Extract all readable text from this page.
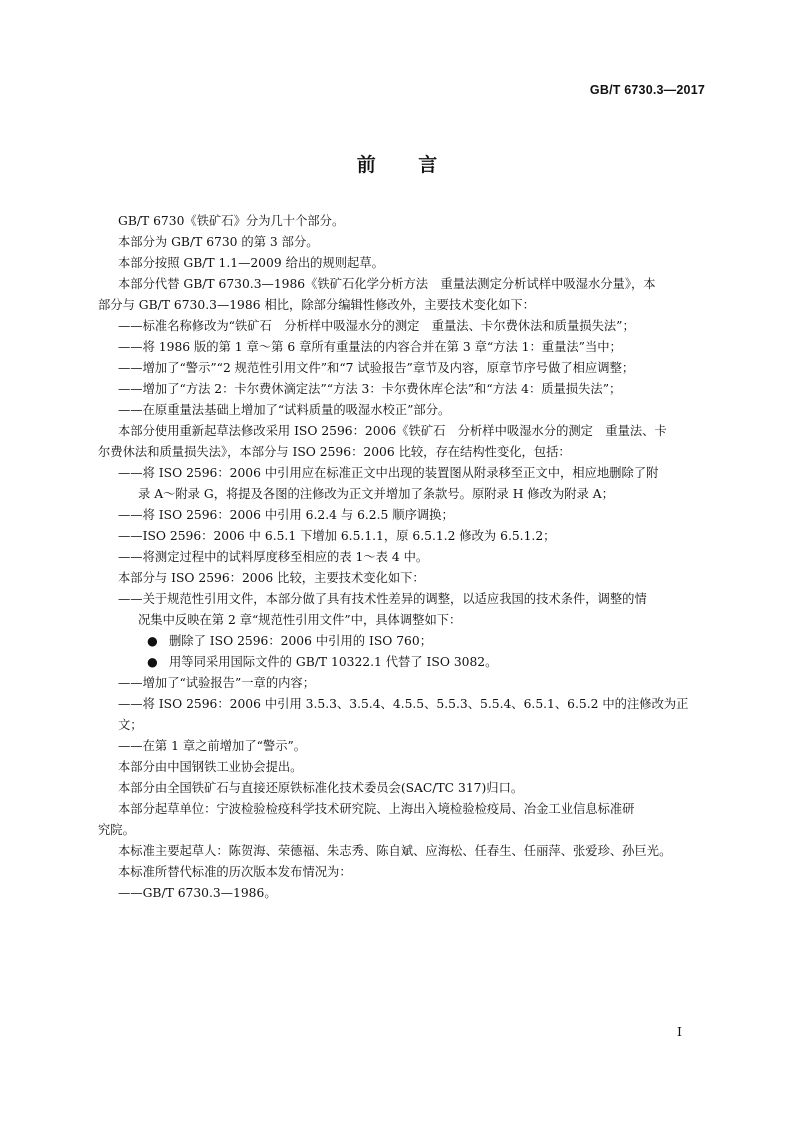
GB/T 6730.3—2017
前 言
GB/T 6730《铁矿石》分为几十个部分。
本部分为 GB/T 6730 的第 3 部分。
本部分按照 GB/T 1.1—2009 给出的规则起草。
本部分代替 GB/T 6730.3—1986《铁矿石化学分析方法　重量法测定分析试样中吸湿水分量》，本
部分与 GB/T 6730.3—1986 相比，除部分编辑性修改外，主要技术变化如下：
——标准名称修改为“铁矿石　分析样中吸湿水分的测定　重量法、卡尔费休法和质量损失法”；
——将 1986 版的第 1 章～第 6 章所有重量法的内容合并在第 3 章“方法 1：重量法”当中；
——增加了“警示”“2 规范性引用文件”和“7 试验报告”章节及内容，原章节序号做了相应调整；
——增加了“方法 2：卡尔费休滴定法”“方法 3：卡尔费休库仑法”和“方法 4：质量损失法”；
——在原重量法基础上增加了“试料质量的吸湿水校正”部分。
本部分使用重新起草法修改采用 ISO 2596：2006《铁矿石　分析样中吸湿水分的测定　重量法、卡
尔费休法和质量损失法》，本部分与 ISO 2596：2006 比较，存在结构性变化，包括：
——将 ISO 2596：2006 中引用应在标准正文中出现的装置图从附录移至正文中，相应地删除了附
录 A～附录 G，将提及各图的注修改为正文并增加了条款号。原附录 H 修改为附录 A；
——将 ISO 2596：2006 中引用 6.2.4 与 6.2.5 顺序调换；
——ISO 2596：2006 中 6.5.1 下增加 6.5.1.1，原 6.5.1.2 修改为 6.5.1.2；
——将测定过程中的试料厚度移至相应的表 1～表 4 中。
本部分与 ISO 2596：2006 比较，主要技术变化如下：
——关于规范性引用文件，本部分做了具有技术性差异的调整，以适应我国的技术条件，调整的情
况集中反映在第 2 章“规范性引用文件”中，具体调整如下：
● 删除了 ISO 2596：2006 中引用的 ISO 760；
● 用等同采用国际文件的 GB/T 10322.1 代替了 ISO 3082。
——增加了“试验报告”一章的内容；
——将 ISO 2596：2006 中引用 3.5.3、3.5.4、4.5.5、5.5.3、5.5.4、6.5.1、6.5.2 中的注修改为正文；
——在第 1 章之前增加了“警示”。
本部分由中国钢铁工业协会提出。
本部分由全国铁矿石与直接还原铁标准化技术委员会(SAC/TC 317)归口。
本部分起草单位：宁波检验检疫科学技术研究院、上海出入境检验检疫局、冶金工业信息标准研
究院。
本标准主要起草人：陈贺海、荣德福、朱志秀、陈自斌、应海松、任春生、任丽萍、张爱珍、孙巨光。
本标准所替代标准的历次版本发布情况为：
——GB/T 6730.3—1986。
I
